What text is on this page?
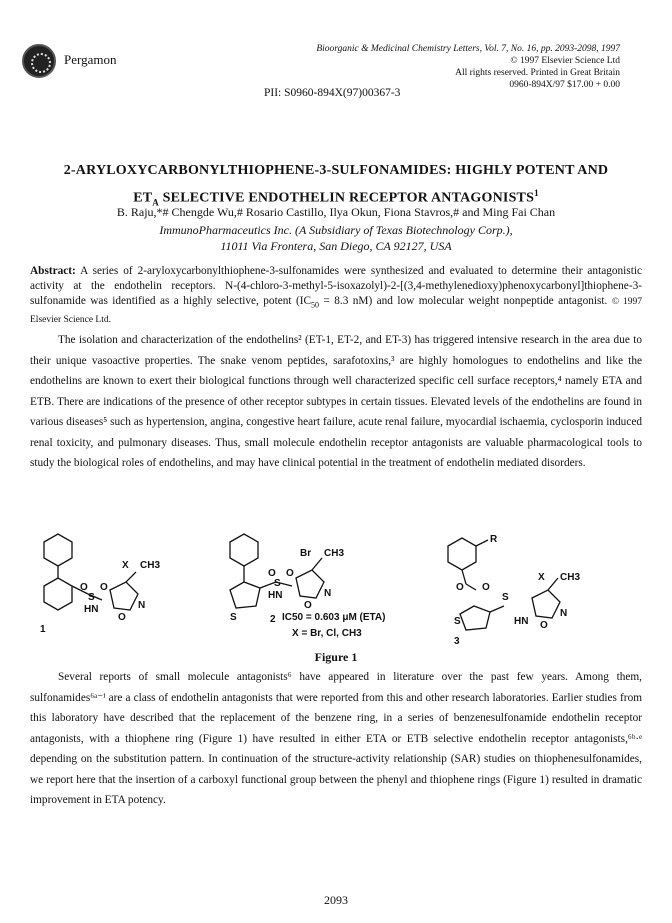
Pergamon
Bioorganic & Medicinal Chemistry Letters, Vol. 7, No. 16, pp. 2093-2098, 1997
© 1997 Elsevier Science Ltd
All rights reserved. Printed in Great Britain
0960-894X/97 $17.00 + 0.00
PII: S0960-894X(97)00367-3
2-ARYLOXYCARBONYLTHIOPHENE-3-SULFONAMIDES: HIGHLY POTENT AND
$ET_A$ SELECTIVE ENDOTHELIN RECEPTOR ANTAGONISTS$^1$
B. Raju,*# Chengde Wu,# Rosario Castillo, Ilya Okun, Fiona Stavros,# and Ming Fai Chan
ImmunoPharmaceutics Inc. (A Subsidiary of Texas Biotechnology Corp.),
11011 Via Frontera, San Diego, CA 92127, USA
Abstract: A series of 2-aryloxycarbonylthiophene-3-sulfonamides were synthesized and evaluated to determine their antagonistic activity at the endothelin receptors. N-(4-chloro-3-methyl-5-isoxazolyl)-2-[(3,4-methylenedioxy)phenoxycarbonyl]thiophene-3-sulfonamide was identified as a highly selective, potent ($IC_{50} = 8.3$ nM) and low molecular weight nonpeptide antagonist. © 1997 Elsevier Science Ltd.
The isolation and characterization of the endothelins² (ET-1, ET-2, and ET-3) has triggered intensive research in the area due to their unique vasoactive properties. The snake venom peptides, sarafotoxins,³ are highly homologues to endothelins and like the endothelins are known to exert their biological functions through well characterized specific cell surface receptors,⁴ namely ETA and ETB. There are indications of the presence of other receptor subtypes in certain tissues. Elevated levels of the endothelins are found in various diseases⁵ such as hypertension, angina, congestive heart failure, acute renal failure, myocardial ischaemia, cyclosporin induced renal toxicity, and pulmonary diseases. Thus, small molecule endothelin receptor antagonists are valuable pharmacological tools to study the biological roles of endothelins, and may have clinical potential in the treatment of endothelin mediated disorders.
X CH3
O O
S
HN	N
O
1
Br CH3
O O
S
HN	N
O
S	2 IC50 = 0.603 μM (ETA)
X = Br, Cl, CH3
R
O O
X CH3
S
HN
N
O
S
3
Figure 1
Several reports of small molecule antagonists⁶ have appeared in literature over the past few years. Among them, sulfonamides⁶ᵃ⁻ⁱ are a class of endothelin antagonists that were reported from this and other research laboratories. Earlier studies from this laboratory have described that the replacement of the benzene ring, in a series of benzenesulfonamide endothelin receptor antagonists, with a thiophene ring (Figure 1) have resulted in either ETA or ETB selective endothelin receptor antagonists,⁶ᵇ·ᵉ depending on the substitution pattern. In continuation of the structure-activity relationship (SAR) studies on thiophenesulfonamides, we report here that the insertion of a carboxyl functional group between the phenyl and thiophene rings (Figure 1) resulted in dramatic improvement in ETA potency.
2093
